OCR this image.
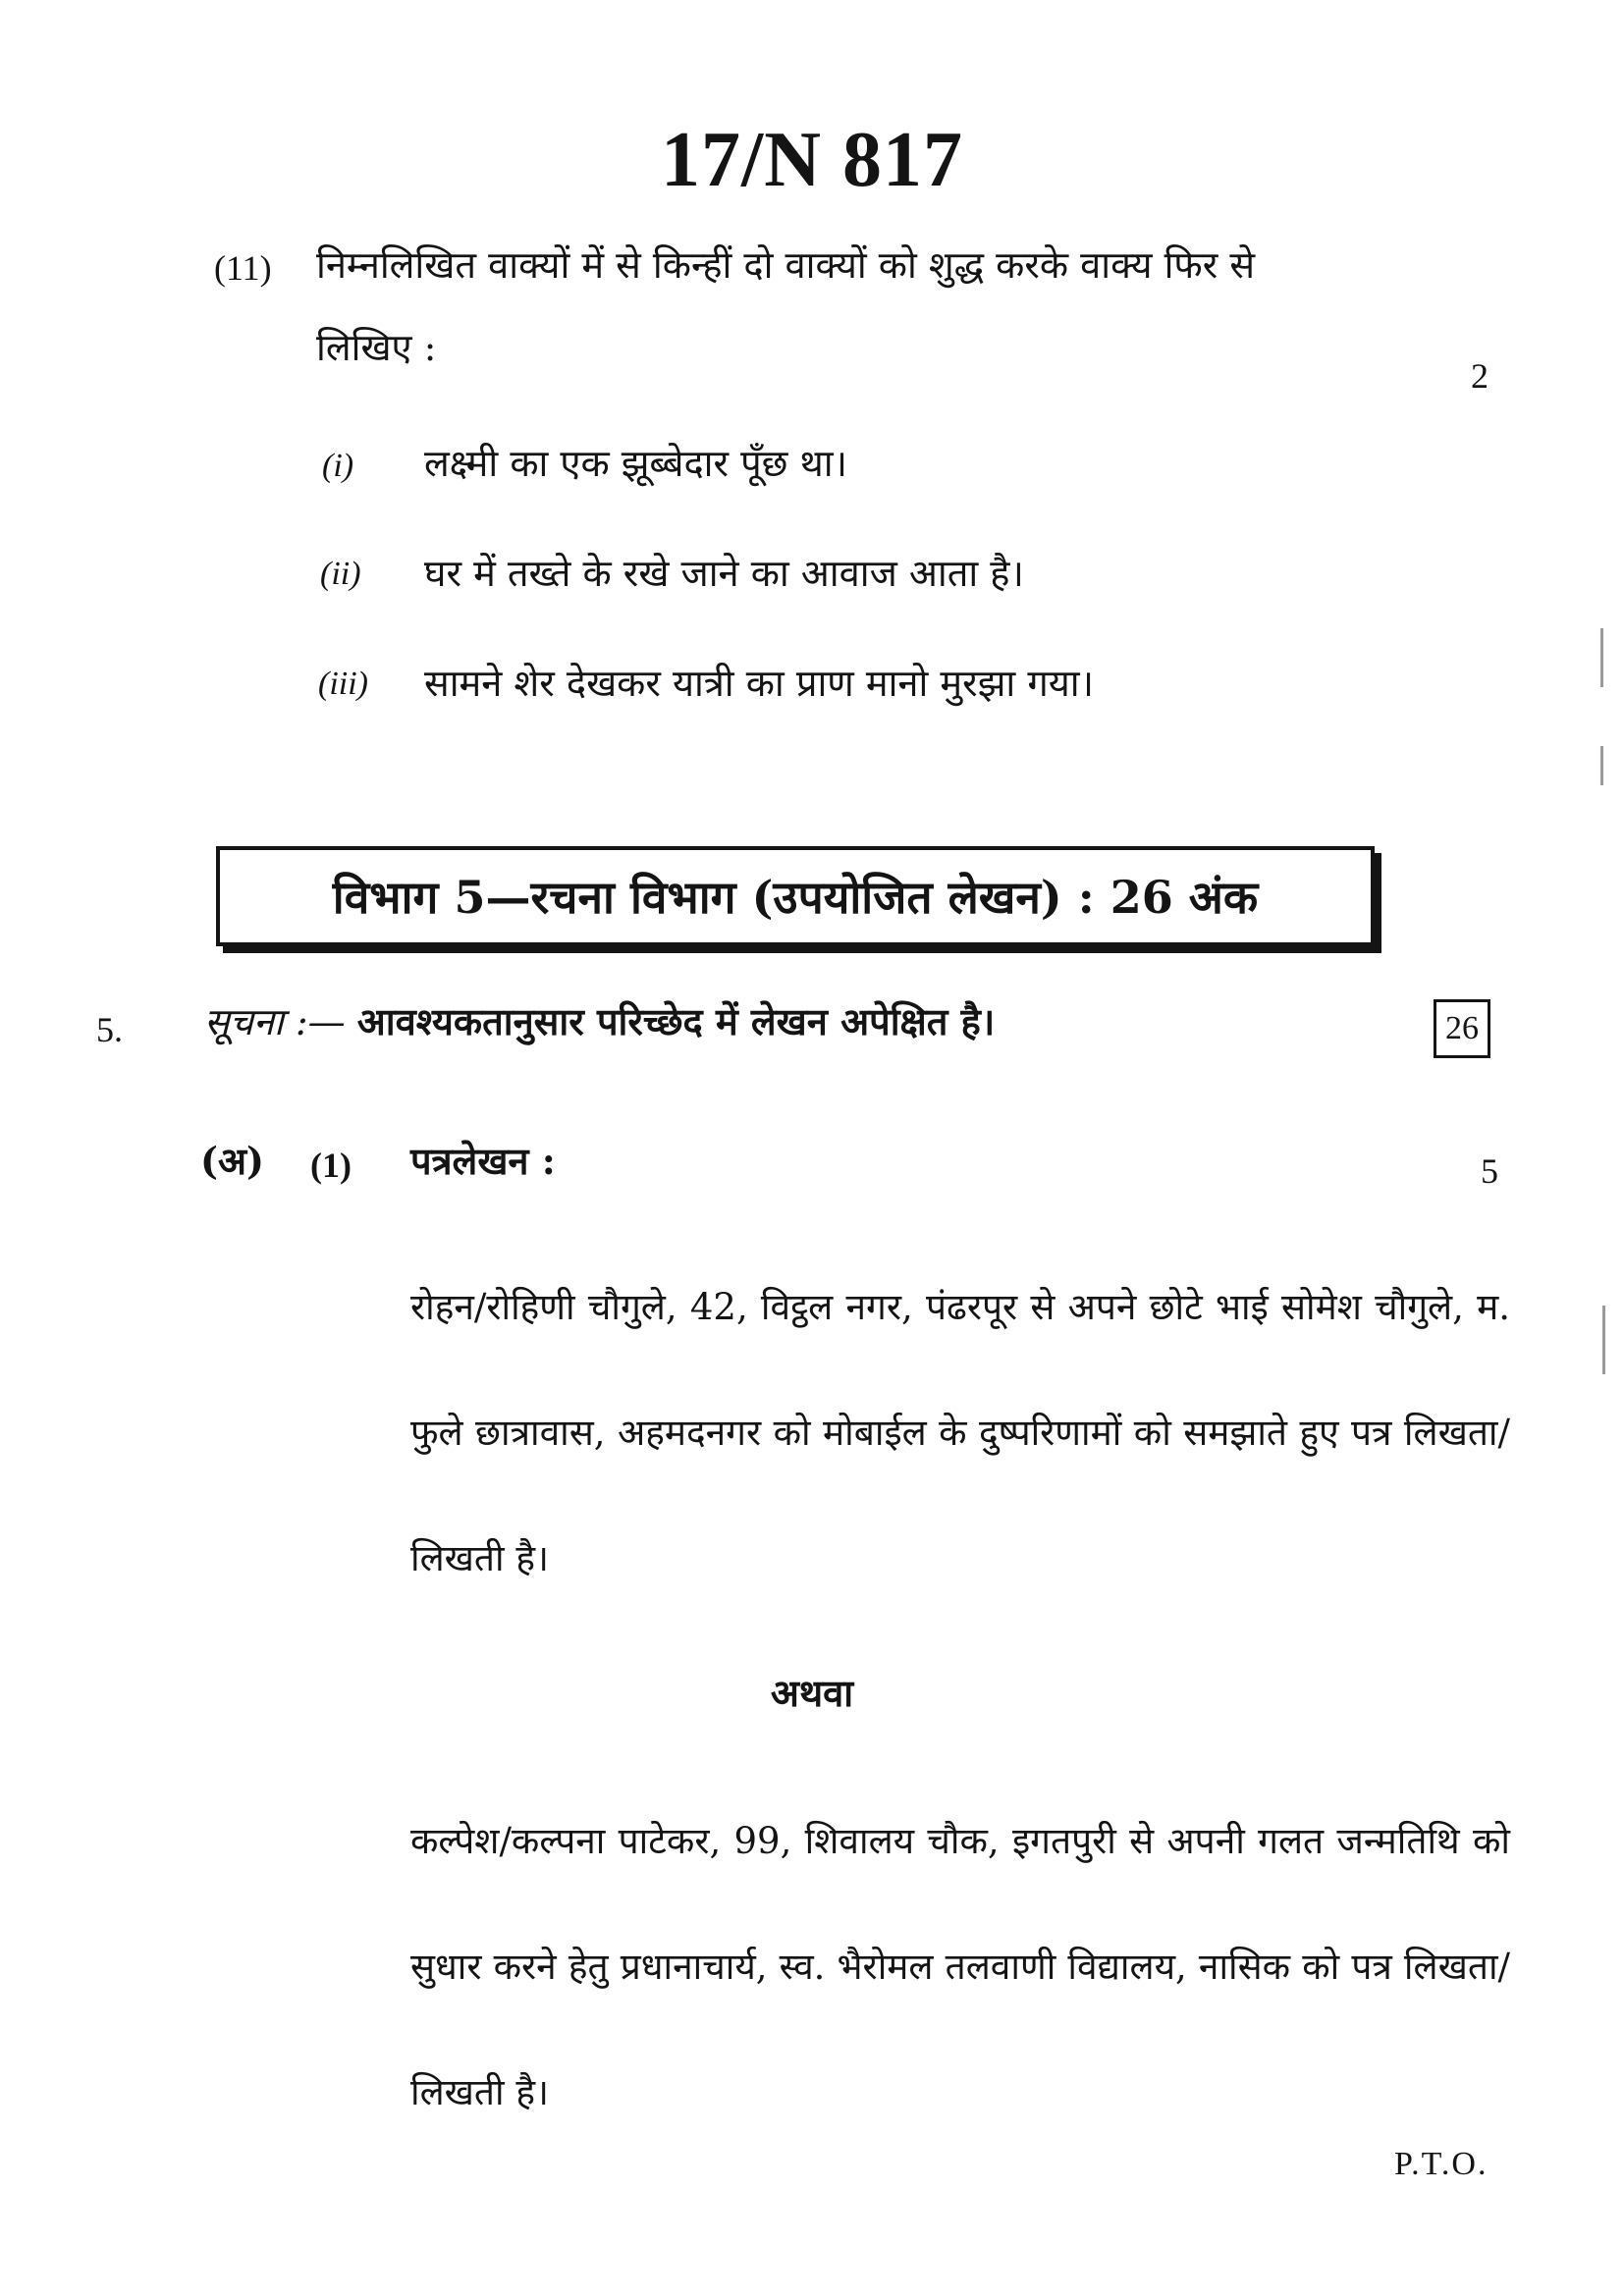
17/N 817
(11) निम्नलिखित वाक्यों में से किन्हीं दो वाक्यों को शुद्ध करके वाक्य फिर से
लिखिए :
2
(i) लक्ष्मी का एक झूब्बेदार पूँछ था।
(ii) घर में तख्ते के रखे जाने का आवाज आता है।
(iii) सामने शेर देखकर यात्री का प्राण मानो मुरझा गया।
विभाग 5—रचना विभाग (उपयोजित लेखन) : 26 अंक
5. सूचना :— आवश्यकतानुसार परिच्छेद में लेखन अपेक्षित है।	26
(अ) (1) पत्रलेखन :	5
रोहन/रोहिणी चौगुले, 42, विट्ठल नगर, पंढरपूर से अपने छोटे भाई सोमेश चौगुले, म. फुले छात्रावास, अहमदनगर को मोबाईल के दुष्परिणामों को समझाते हुए पत्र लिखता/लिखती है।
अथवा
कल्पेश/कल्पना पाटेकर, 99, शिवालय चौक, इगतपुरी से अपनी गलत जन्मतिथि को सुधार करने हेतु प्रधानाचार्य, स्व. भैरोमल तलवाणी विद्यालय, नासिक को पत्र लिखता/लिखती है।
P.T.O.
